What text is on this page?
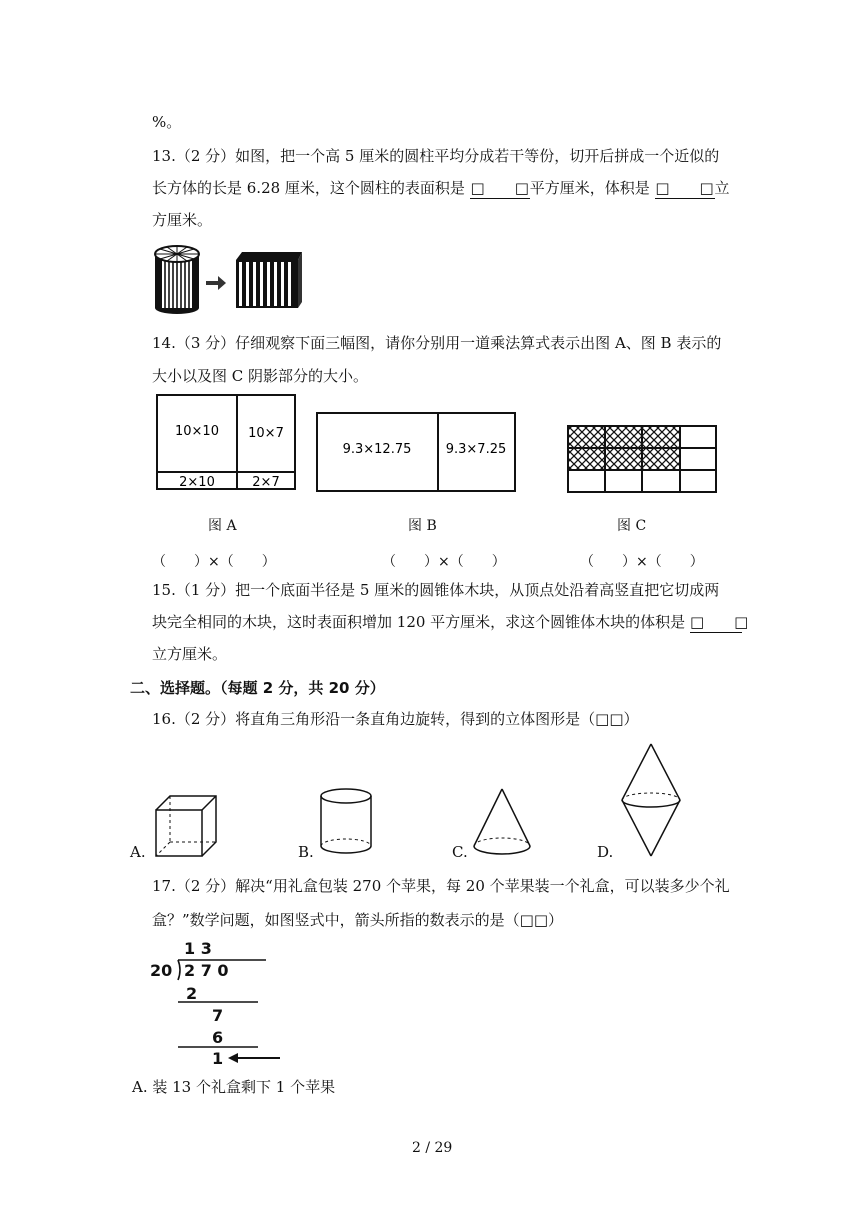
%。
13.（2 分）如图，把一个高 5 厘米的圆柱平均分成若干等份，切开后拼成一个近似的
长方体的长是 6.28 厘米，这个圆柱的表面积是 □　　□平方厘米，体积是 □　　□立
方厘米。
14.（3 分）仔细观察下面三幅图，请你分别用一道乘法算式表示出图 A、图 B 表示的
大小以及图 C 阴影部分的大小。
10×10 10×7
2×10	2×7
图 A
（　　）×（　　）
9.3×12.75	9.3×7.25
图 B
（　　）×（　　）
图 C
（　　）×（　　）
15.（1 分）把一个底面半径是 5 厘米的圆锥体木块，从顶点处沿着高竖直把它切成两
块完全相同的木块，这时表面积增加 120 平方厘米，求这个圆锥体木块的体积是 □　　□
立方厘米。
二、选择题。（每题 2 分，共 20 分）
16.（2 分）将直角三角形沿一条直角边旋转，得到的立体图形是（□□）
A.	B.	C.	D.
17.（2 分）解决“用礼盒包装 270 个苹果，每 20 个苹果装一个礼盒，可以装多少个礼
盒？”数学问题，如图竖式中，箭头所指的数表示的是（□□）
1 3
20 2 7 0
2
7
6
1
A. 装 13 个礼盒剩下 1 个苹果
2 / 29
